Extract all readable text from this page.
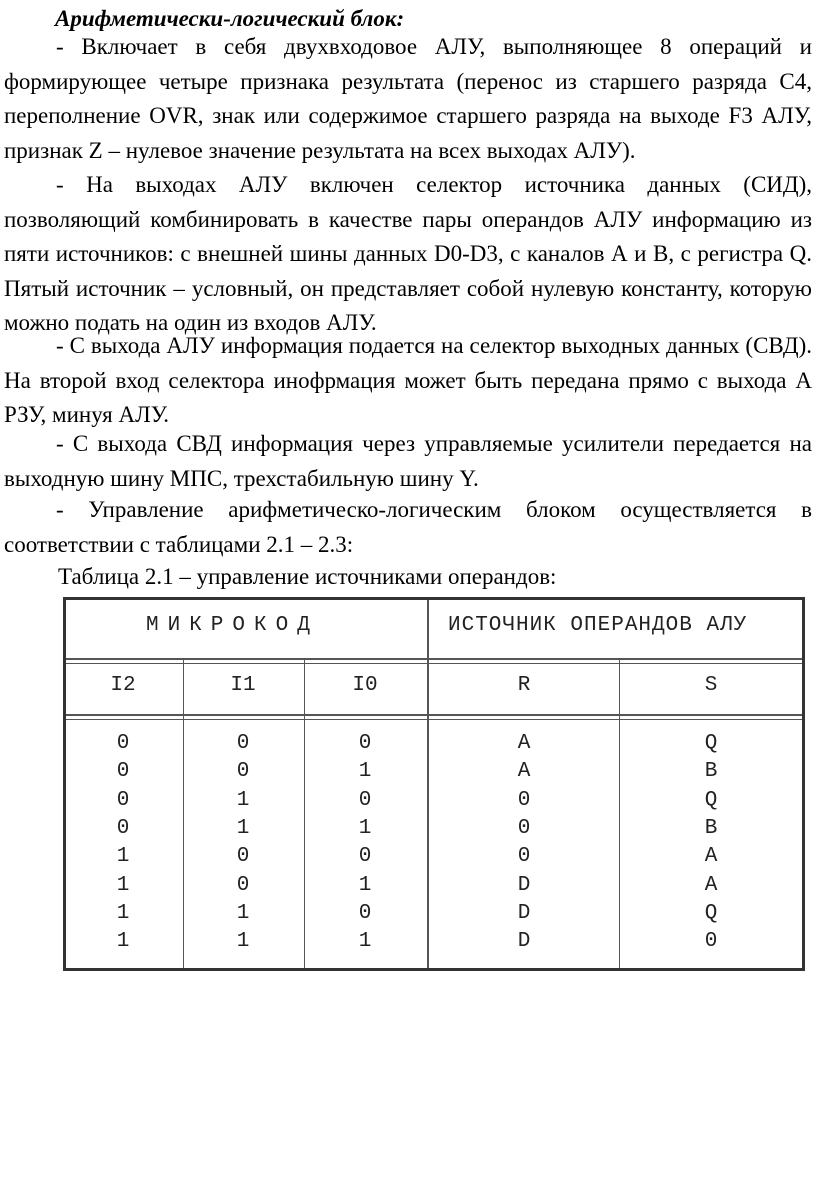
Арифметически-логический блок:

- Включает в себя двухвходовое АЛУ, выполняющее 8 операций и формирующее четыре признака результата (перенос из старшего разряда С4, переполнение OVR, знак или содержимое старшего разряда на выходе F3 АЛУ, признак Z – нулевое значение результата на всех выходах АЛУ).

- На выходах АЛУ включен селектор источника данных (СИД), позволяющий комбинировать в качестве пары операндов АЛУ информацию из пяти источников: с внешней шины данных D0-D3, с каналов А и В, с регистра Q. Пятый источник – условный, он представляет собой нулевую константу, которую можно подать на один из входов АЛУ.

- С выхода АЛУ информация подается на селектор выходных данных (СВД). На второй вход селектора инофрмация может быть передана прямо с выхода А РЗУ, минуя АЛУ.

- С выхода СВД информация через управляемые усилители передается на выходную шину МПС, трехстабильную шину Y.

- Управление арифметическо-логическим блоком осуществляется в соответствии с таблицами 2.1 – 2.3:

Таблица 2.1 – управление источниками операндов:

МИКРОКОД	ИСТОЧНИК ОПЕРАНДОВ АЛУ
I2	I1	I0	R	S
0	0	0	A	Q
0	0	1	A	B
0	1	0	0	Q
0	1	1	0	B
1	0	0	0	A
1	0	1	D	A
1	1	0	D	Q
1	1	1	D	0
